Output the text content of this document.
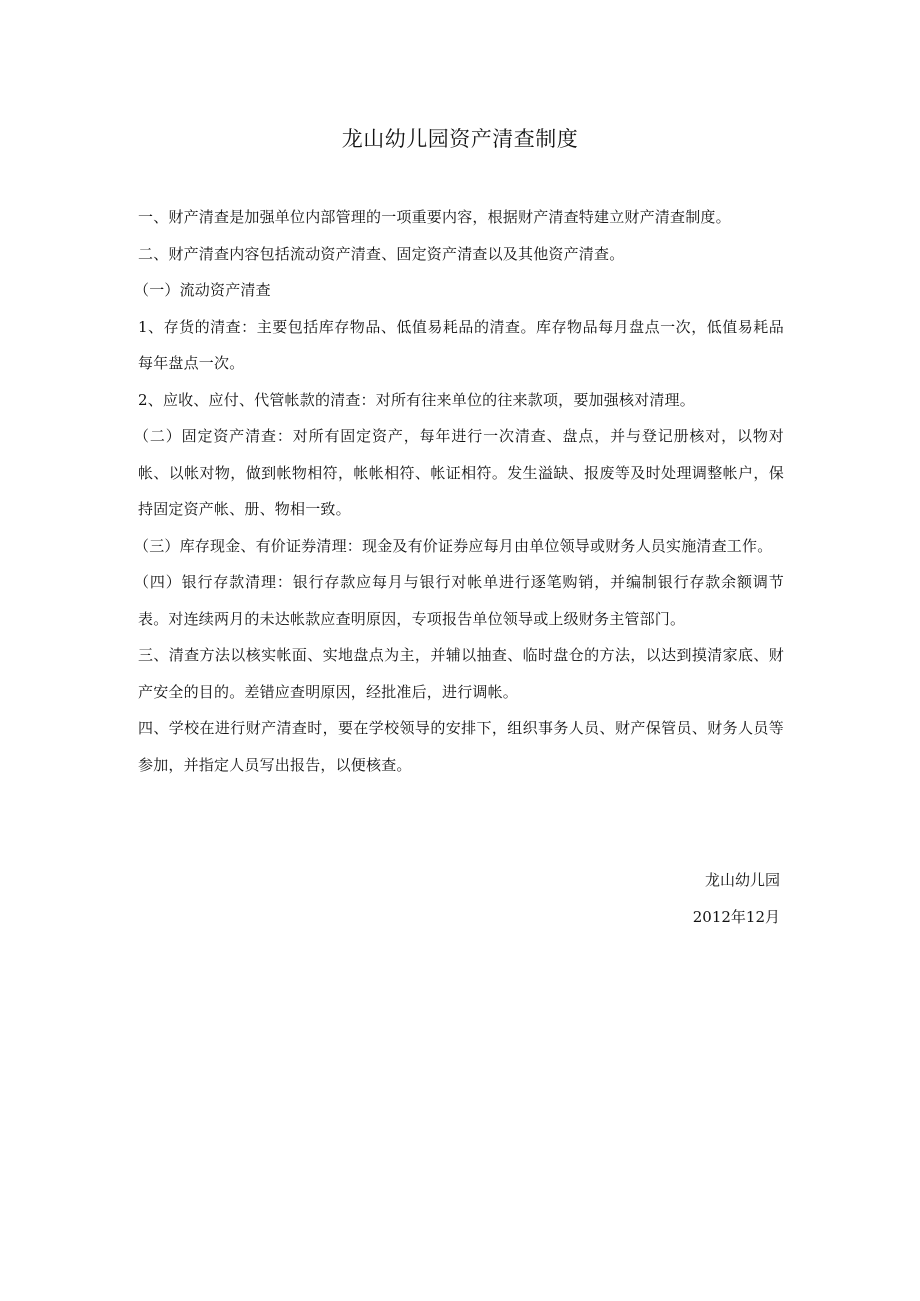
龙山幼儿园资产清查制度

一、财产清查是加强单位内部管理的一项重要内容，根据财产清查特建立财产清查制度。

二、财产清查内容包括流动资产清查、固定资产清查以及其他资产清查。

（一）流动资产清查

1、存货的清查：主要包括库存物品、低值易耗品的清查。库存物品每月盘点一次，低值易耗品每年盘点一次。

2、应收、应付、代管帐款的清查：对所有往来单位的往来款项，要加强核对清理。

（二）固定资产清查：对所有固定资产，每年进行一次清查、盘点，并与登记册核对，以物对帐、以帐对物，做到帐物相符，帐帐相符、帐证相符。发生溢缺、报废等及时处理调整帐户，保持固定资产帐、册、物相一致。

（三）库存现金、有价证券清理：现金及有价证券应每月由单位领导或财务人员实施清查工作。

（四）银行存款清理：银行存款应每月与银行对帐单进行逐笔购销，并编制银行存款余额调节表。对连续两月的未达帐款应查明原因，专项报告单位领导或上级财务主管部门。

三、清查方法以核实帐面、实地盘点为主，并辅以抽查、临时盘仓的方法，以达到摸清家底、财产安全的目的。差错应查明原因，经批准后，进行调帐。

四、学校在进行财产清查时，要在学校领导的安排下，组织事务人员、财产保管员、财务人员等参加，并指定人员写出报告，以便核查。

龙山幼儿园
2012年12月
